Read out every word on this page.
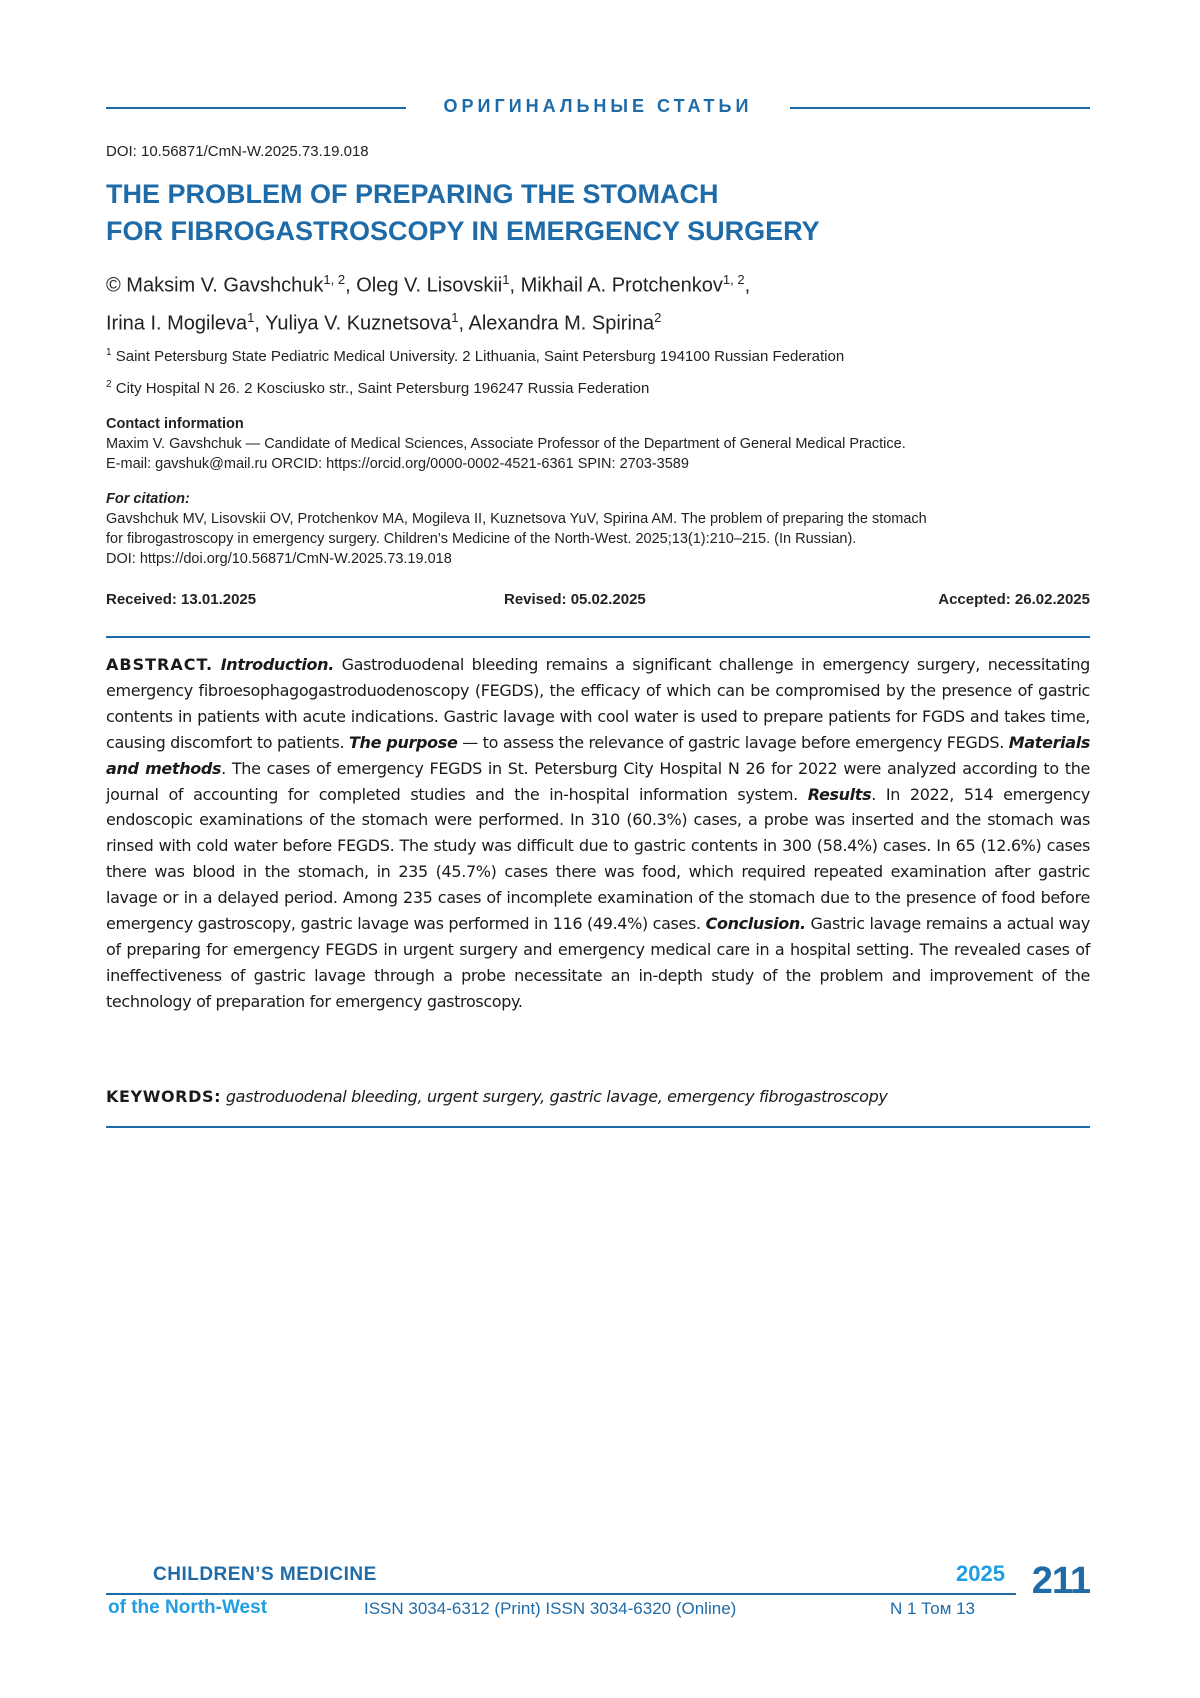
ОРИГИНАЛЬНЫЕ СТАТЬИ
DOI: 10.56871/CmN-W.2025.73.19.018
THE PROBLEM OF PREPARING THE STOMACH
FOR FIBROGASTROSCOPY IN EMERGENCY SURGERY
© Maksim V. Gavshchuk$^{1, 2}$, Oleg V. Lisovskii$^1$, Mikhail A. Protchenkov$^{1, 2}$,
Irina I. Mogileva$^1$, Yuliya V. Kuznetsova$^1$, Alexandra M. Spirina$^2$
$^1$ Saint Petersburg State Pediatric Medical University. 2 Lithuania, Saint Petersburg 194100 Russian Federation
$^2$ City Hospital N 26. 2 Kosciusko str., Saint Petersburg 196247 Russia Federation
Contact information
Maxim V. Gavshchuk — Candidate of Medical Sciences, Associate Professor of the Department of General Medical Practice.
E-mail: gavshuk@mail.ru ORCID: https://orcid.org/0000-0002-4521-6361 SPIN: 2703-3589
For citation:
Gavshchuk MV, Lisovskii OV, Protchenkov MA, Mogileva II, Kuznetsova YuV, Spirina AM. The problem of preparing the stomach
for fibrogastroscopy in emergency surgery. Children’s Medicine of the North-West. 2025;13(1):210–215. (In Russian).
DOI: https://doi.org/10.56871/CmN-W.2025.73.19.018
Received: 13.01.2025	Revised: 05.02.2025	Accepted: 26.02.2025

ABSTRACT. Introduction. Gastroduodenal bleeding remains a significant challenge in emergency surgery, necessitating emergency fibroesophagogastroduodenoscopy (FEGDS), the efficacy of which can be compromised by the presence of gastric contents in patients with acute indications. Gastric lavage with cool water is used to prepare patients for FGDS and takes time, causing discomfort to patients. The purpose — to assess the relevance of gastric lavage before emergency FEGDS. Materials and methods. The cases of emergency FEGDS in St. Petersburg City Hospital N 26 for 2022 were analyzed according to the journal of accounting for completed studies and the in-hospital information system. Results. In 2022, 514 emergency endoscopic examinations of the stomach were performed. In 310 (60.3%) cases, a probe was inserted and the stomach was rinsed with cold water before FEGDS. The study was difficult due to gastric contents in 300 (58.4%) cases. In 65 (12.6%) cases there was blood in the stomach, in 235 (45.7%) cases there was food, which required repeated examination after gastric lavage or in a delayed period. Among 235 cases of incomplete examination of the stomach due to the presence of food before emergency gastroscopy, gastric lavage was performed in 116 (49.4%) cases. Conclusion. Gastric lavage remains a actual way of preparing for emergency FEGDS in urgent surgery and emergency medical care in a hospital setting. The revealed cases of ineffectiveness of gastric lavage through a probe necessitate an in-depth study of the problem and improvement of the technology of preparation for emergency gastroscopy.

KEYWORDS: gastroduodenal bleeding, urgent surgery, gastric lavage, emergency fibrogastroscopy
CHILDREN’S MEDICINE	2025
of the North-West	ISSN 3034-6312 (Print) ISSN 3034-6320 (Online)	N 1 Том 13
211
